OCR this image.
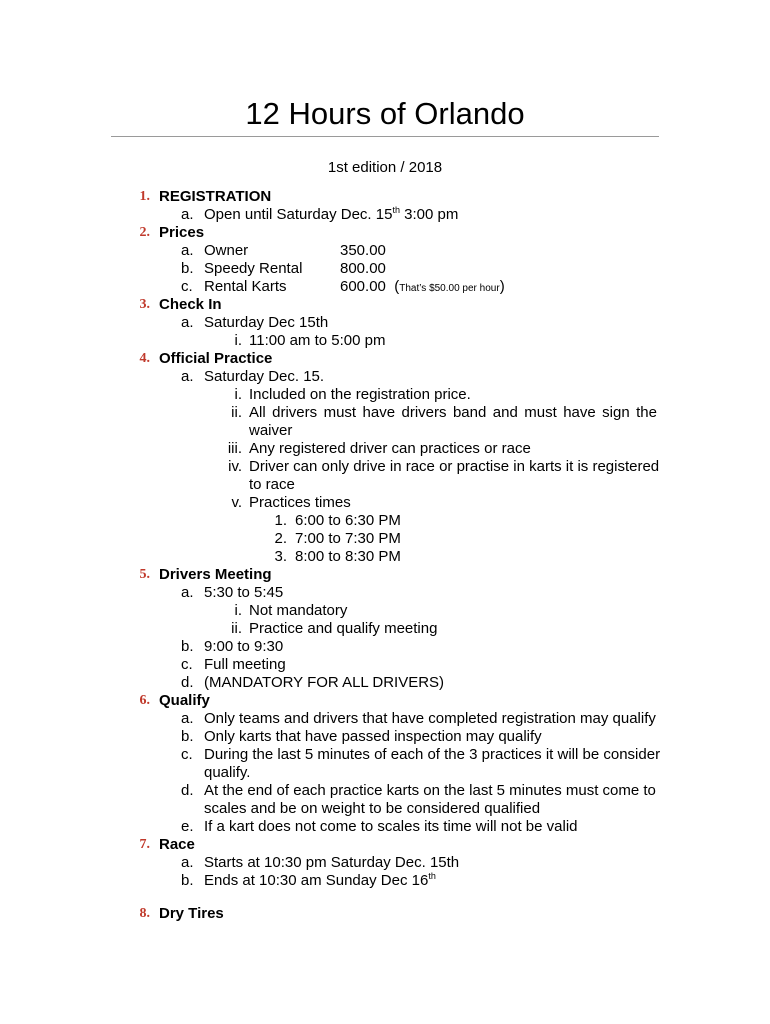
12 Hours of Orlando
1st edition / 2018
1. REGISTRATION
a. Open until Saturday Dec. 15th 3:00 pm
2. Prices
a. Owner	350.00
b. Speedy Rental	800.00
c. Rental Karts	600.00  (That’s $50.00 per hour)
3. Check In
a. Saturday Dec 15th
i. 11:00 am to 5:00 pm
4. Official Practice
a. Saturday Dec. 15.
i. Included on the registration price.
ii. All drivers must have drivers band and must have sign the
waiver
iii. Any registered driver can practices or race
iv. Driver can only drive in race or practise in karts it is registered
to race
v. Practices times
1. 6:00 to 6:30 PM
2. 7:00 to 7:30 PM
3. 8:00 to 8:30 PM
5. Drivers Meeting
a. 5:30 to 5:45
i. Not mandatory
ii. Practice and qualify meeting
b. 9:00 to 9:30
c. Full meeting
d. (MANDATORY FOR ALL DRIVERS)
6. Qualify
a. Only teams and drivers that have completed registration may qualify
b. Only karts that have passed inspection may qualify
c. During the last 5 minutes of each of the 3 practices it will be consider
qualify.
d. At the end of each practice karts on the last 5 minutes must come to
scales and be on weight to be considered qualified
e. If a kart does not come to scales its time will not be valid
7. Race
a. Starts at 10:30 pm Saturday Dec. 15th
b. Ends at 10:30 am Sunday Dec 16th
8. Dry Tires
